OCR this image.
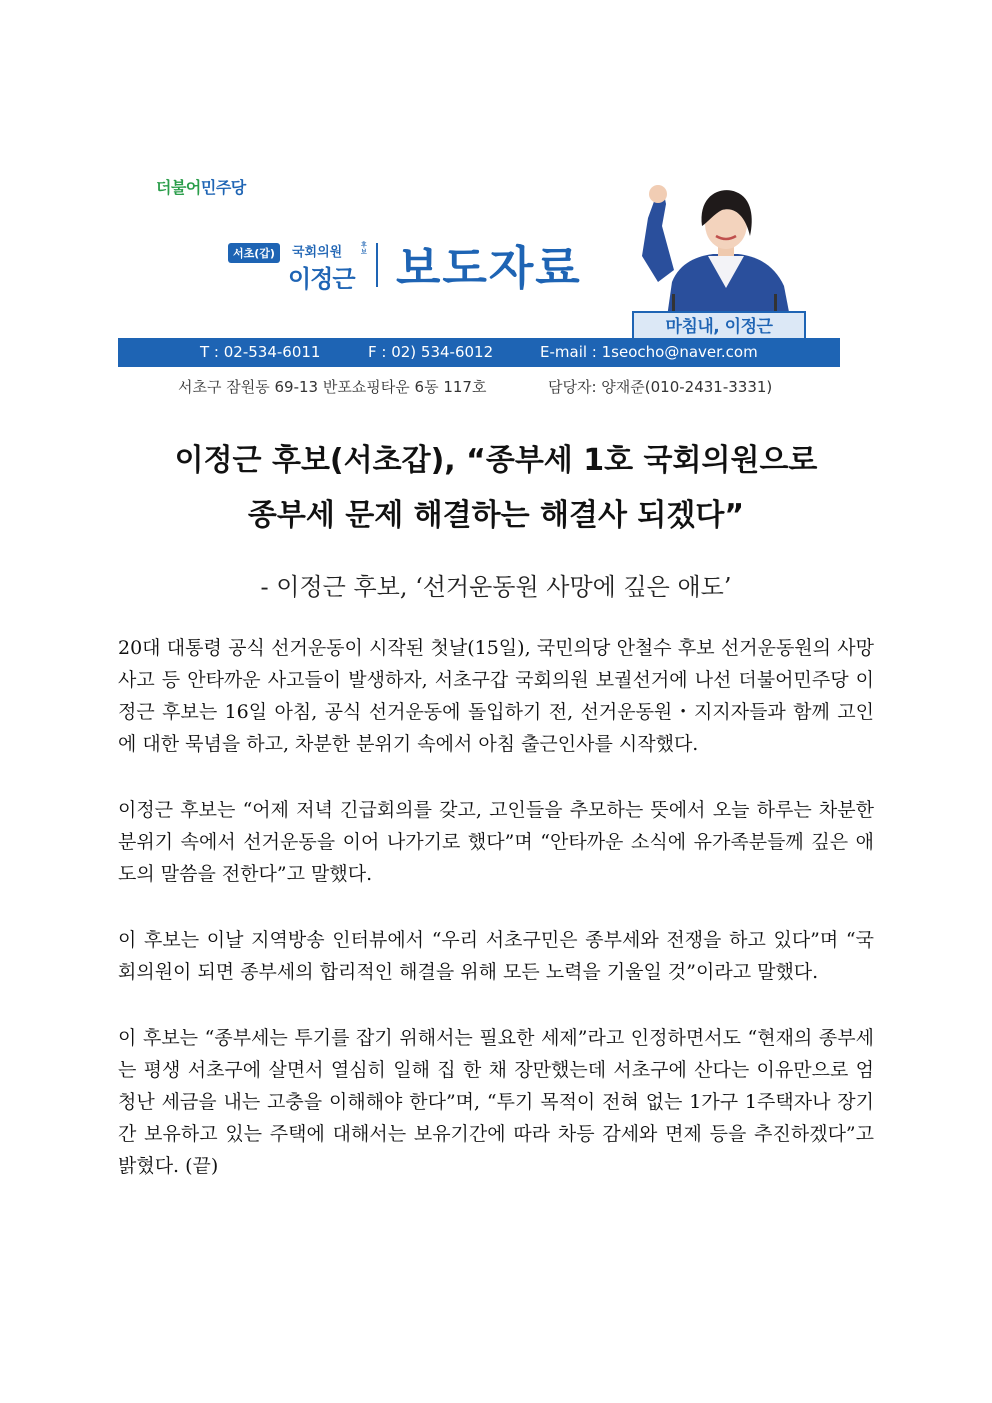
더불어민주당
서초(갑)	국회의원	후보
이정근 보도자료
마침내, 이정근
T : 02-534-6011	F : 02) 534-6012	E-mail : 1seocho@naver.com
서초구 잠원동 69-13 반포쇼핑타운 6동 117호	담당자: 양재준(010-2431-3331)
이정근 후보(서초갑), “종부세 1호 국회의원으로
종부세 문제 해결하는 해결사 되겠다”
- 이정근 후보, ‘선거운동원 사망에 깊은 애도’

20대 대통령 공식 선거운동이 시작된 첫날(15일), 국민의당 안철수 후보 선거운동원의 사망사고 등 안타까운 사고들이 발생하자, 서초구갑 국회의원 보궐선거에 나선 더불어민주당 이정근 후보는 16일 아침, 공식 선거운동에 돌입하기 전, 선거운동원・지지자들과 함께 고인에 대한 묵념을 하고, 차분한 분위기 속에서 아침 출근인사를 시작했다.

이정근 후보는 “어제 저녁 긴급회의를 갖고, 고인들을 추모하는 뜻에서 오늘 하루는 차분한 분위기 속에서 선거운동을 이어 나가기로 했다”며 “안타까운 소식에 유가족분들께 깊은 애도의 말씀을 전한다”고 말했다.

이 후보는 이날 지역방송 인터뷰에서 “우리 서초구민은 종부세와 전쟁을 하고 있다”며 “국회의원이 되면 종부세의 합리적인 해결을 위해 모든 노력을 기울일 것”이라고 말했다.

이 후보는 “종부세는 투기를 잡기 위해서는 필요한 세제”라고 인정하면서도 “현재의 종부세는 평생 서초구에 살면서 열심히 일해 집 한 채 장만했는데 서초구에 산다는 이유만으로 엄청난 세금을 내는 고충을 이해해야 한다”며, “투기 목적이 전혀 없는 1가구 1주택자나 장기간 보유하고 있는 주택에 대해서는 보유기간에 따라 차등 감세와 면제 등을 추진하겠다”고 밝혔다. (끝)
